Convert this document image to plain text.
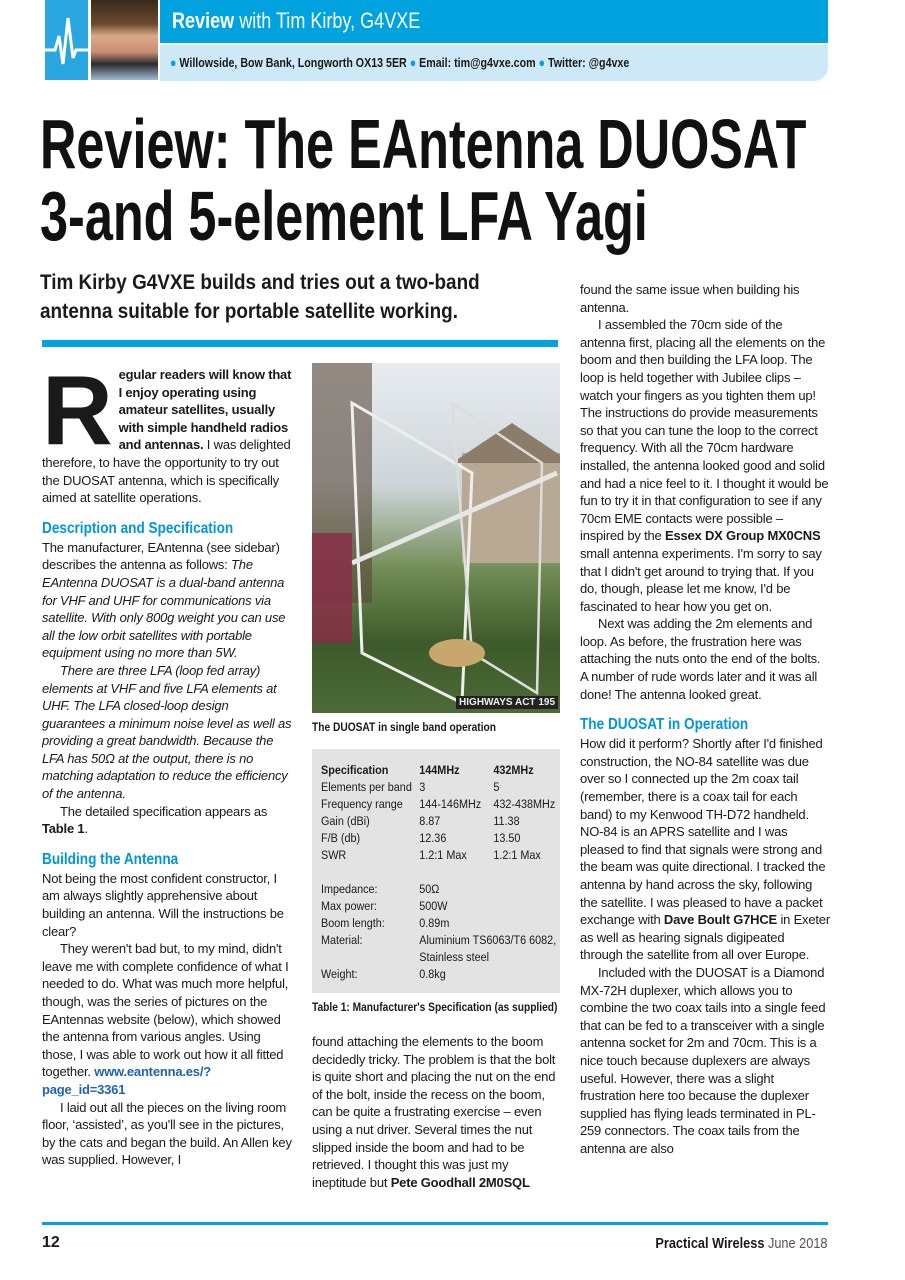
Review with Tim Kirby, G4VXE
● Willowside, Bow Bank, Longworth OX13 5ER ● Email: tim@g4vxe.com ● Twitter: @g4vxe
Review: The EAntenna DUOSAT
3-and 5-element LFA Yagi
Tim Kirby G4VXE builds and tries out a two-band antenna suitable for portable satellite working.
R egular readers will know that I enjoy operating using amateur satellites, usually with simple handheld radios and antennas. I was delighted therefore, to have the opportunity to try out the DUOSAT antenna, which is specifically aimed at satellite operations.

Description and Specification

The manufacturer, EAntenna (see sidebar) describes the antenna as follows: The EAntenna DUOSAT is a dual-band antenna for VHF and UHF for communications via satellite. With only 800g weight you can use all the low orbit satellites with portable equipment using no more than 5W.

There are three LFA (loop fed array) elements at VHF and five LFA elements at UHF. The LFA closed-loop design guarantees a minimum noise level as well as providing a great bandwidth. Because the LFA has 50Ω at the output, there is no matching adaptation to reduce the efficiency of the antenna.

The detailed specification appears as Table 1.

Building the Antenna

Not being the most confident constructor, I am always slightly apprehensive about building an antenna. Will the instructions be clear?

They weren't bad but, to my mind, didn't leave me with complete confidence of what I needed to do. What was much more helpful, though, was the series of pictures on the EAntennas website (below), which showed the antenna from various angles. Using those, I was able to work out how it all fitted together. www.eantenna.es/?page_id=3361

I laid out all the pieces on the living room floor, ‘assisted’, as you'll see in the pictures, by the cats and began the build. An Allen key was supplied. However, I

HIGHWAYS ACT 195
The DUOSAT in single band operation
Specification	144MHz	432MHz
Elements per band	3	5
Frequency range	144-146MHz	432-438MHz
Gain (dBi)	8.87	11.38
F/B (db)	12.36	13.50
SWR	1.2:1 Max	1.2:1 Max

Impedance:	50Ω	
Max power:	500W	
Boom length:	0.89m	
Material:	Aluminium TS6063/T6 6082,	
	Stainless steel	
Weight:	0.8kg	
Table 1: Manufacturer's Specification (as supplied)

found attaching the elements to the boom decidedly tricky. The problem is that the bolt is quite short and placing the nut on the end of the bolt, inside the recess on the boom, can be quite a frustrating exercise – even using a nut driver. Several times the nut slipped inside the boom and had to be retrieved. I thought this was just my ineptitude but Pete Goodhall 2M0SQL

found the same issue when building his antenna.

I assembled the 70cm side of the antenna first, placing all the elements on the boom and then building the LFA loop. The loop is held together with Jubilee clips – watch your fingers as you tighten them up! The instructions do provide measurements so that you can tune the loop to the correct frequency. With all the 70cm hardware installed, the antenna looked good and solid and had a nice feel to it. I thought it would be fun to try it in that configuration to see if any 70cm EME contacts were possible – inspired by the Essex DX Group MX0CNS small antenna experiments. I'm sorry to say that I didn't get around to trying that. If you do, though, please let me know, I'd be fascinated to hear how you get on.

Next was adding the 2m elements and loop. As before, the frustration here was attaching the nuts onto the end of the bolts. A number of rude words later and it was all done! The antenna looked great.

The DUOSAT in Operation

How did it perform? Shortly after I'd finished construction, the NO-84 satellite was due over so I connected up the 2m coax tail (remember, there is a coax tail for each band) to my Kenwood TH-D72 handheld. NO-84 is an APRS satellite and I was pleased to find that signals were strong and the beam was quite directional. I tracked the antenna by hand across the sky, following the satellite. I was pleased to have a packet exchange with Dave Boult G7HCE in Exeter as well as hearing signals digipeated through the satellite from all over Europe.

Included with the DUOSAT is a Diamond MX-72H duplexer, which allows you to combine the two coax tails into a single feed that can be fed to a transceiver with a single antenna socket for 2m and 70cm. This is a nice touch because duplexers are always useful. However, there was a slight frustration here too because the duplexer supplied has flying leads terminated in PL-259 connectors. The coax tails from the antenna are also

12	Practical Wireless June 2018
